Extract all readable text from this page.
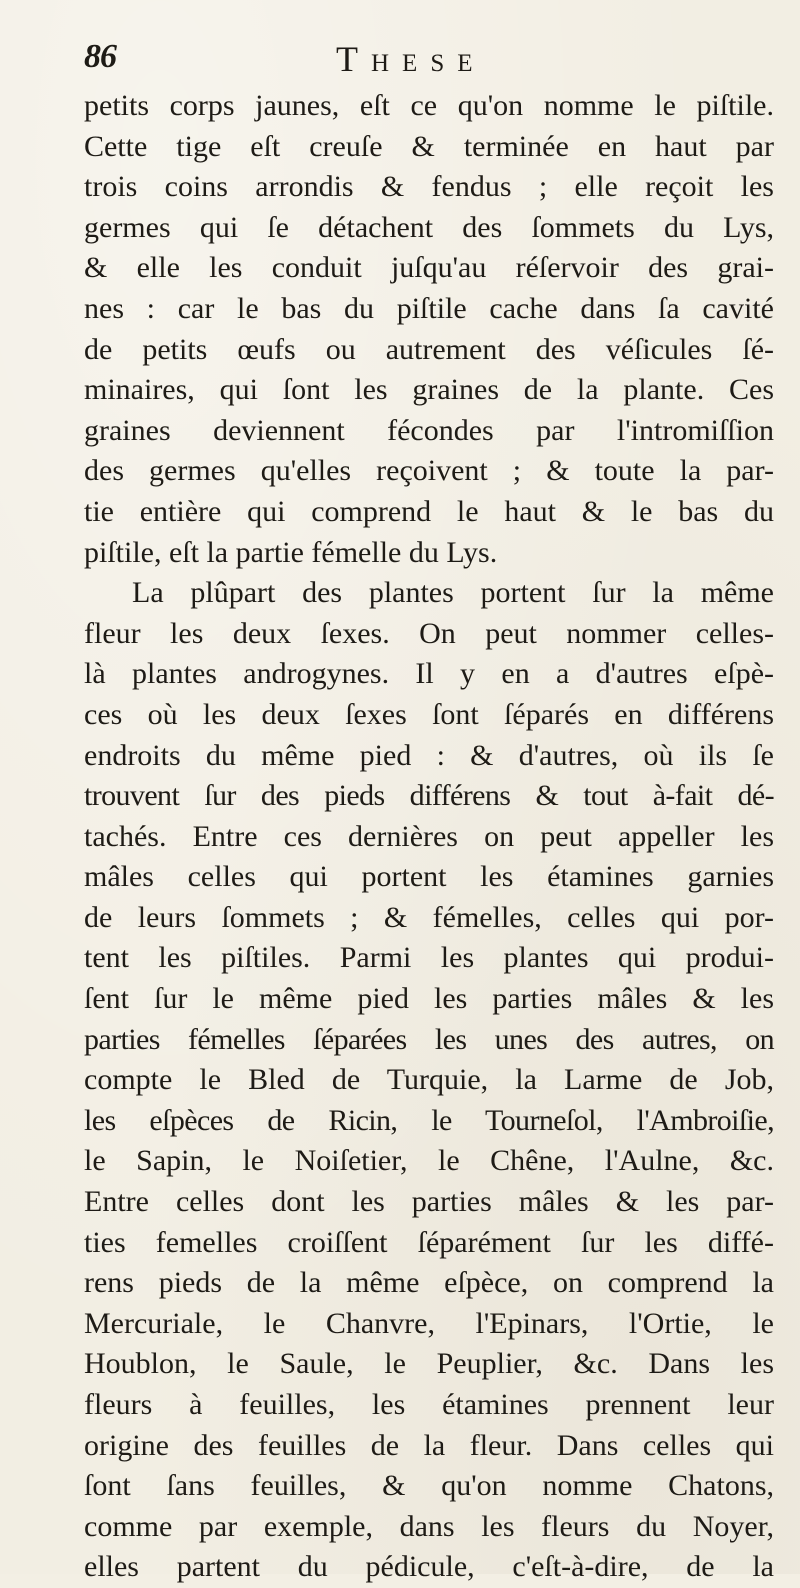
86	These
petits corps jaunes, eſt ce qu'on nomme le piſtile.
Cette tige eſt creuſe & terminée en haut par
trois coins arrondis & fendus ; elle reçoit les
germes qui ſe détachent des ſommets du Lys,
& elle les conduit juſqu'au réſervoir des grai-
nes : car le bas du piſtile cache dans ſa cavité
de petits œufs ou autrement des véſicules ſé-
minaires, qui ſont les graines de la plante. Ces
graines deviennent fécondes par l'intromiſſion
des germes qu'elles reçoivent ; & toute la par-
tie entière qui comprend le haut & le bas du
piſtile, eſt la partie fémelle du Lys.
La plûpart des plantes portent ſur la même
fleur les deux ſexes. On peut nommer celles-
là plantes androgynes. Il y en a d'autres eſpè-
ces où les deux ſexes ſont ſéparés en différens
endroits du même pied : & d'autres, où ils ſe
trouvent ſur des pieds différens & tout à-fait dé-
tachés. Entre ces dernières on peut appeller les
mâles celles qui portent les étamines garnies
de leurs ſommets ; & fémelles, celles qui por-
tent les piſtiles. Parmi les plantes qui produi-
ſent ſur le même pied les parties mâles & les
parties fémelles ſéparées les unes des autres, on
compte le Bled de Turquie, la Larme de Job,
les eſpèces de Ricin, le Tourneſol, l'Ambroiſie,
le Sapin, le Noiſetier, le Chêne, l'Aulne, &c.
Entre celles dont les parties mâles & les par-
ties femelles croiſſent ſéparément ſur les diffé-
rens pieds de la même eſpèce, on comprend la
Mercuriale, le Chanvre, l'Epinars, l'Ortie, le
Houblon, le Saule, le Peuplier, &c. Dans les
fleurs à feuilles, les étamines prennent leur
origine des feuilles de la fleur. Dans celles qui
ſont ſans feuilles, & qu'on nomme Chatons,
comme par exemple, dans les fleurs du Noyer,
elles partent du pédicule, c'eſt-à-dire, de la
